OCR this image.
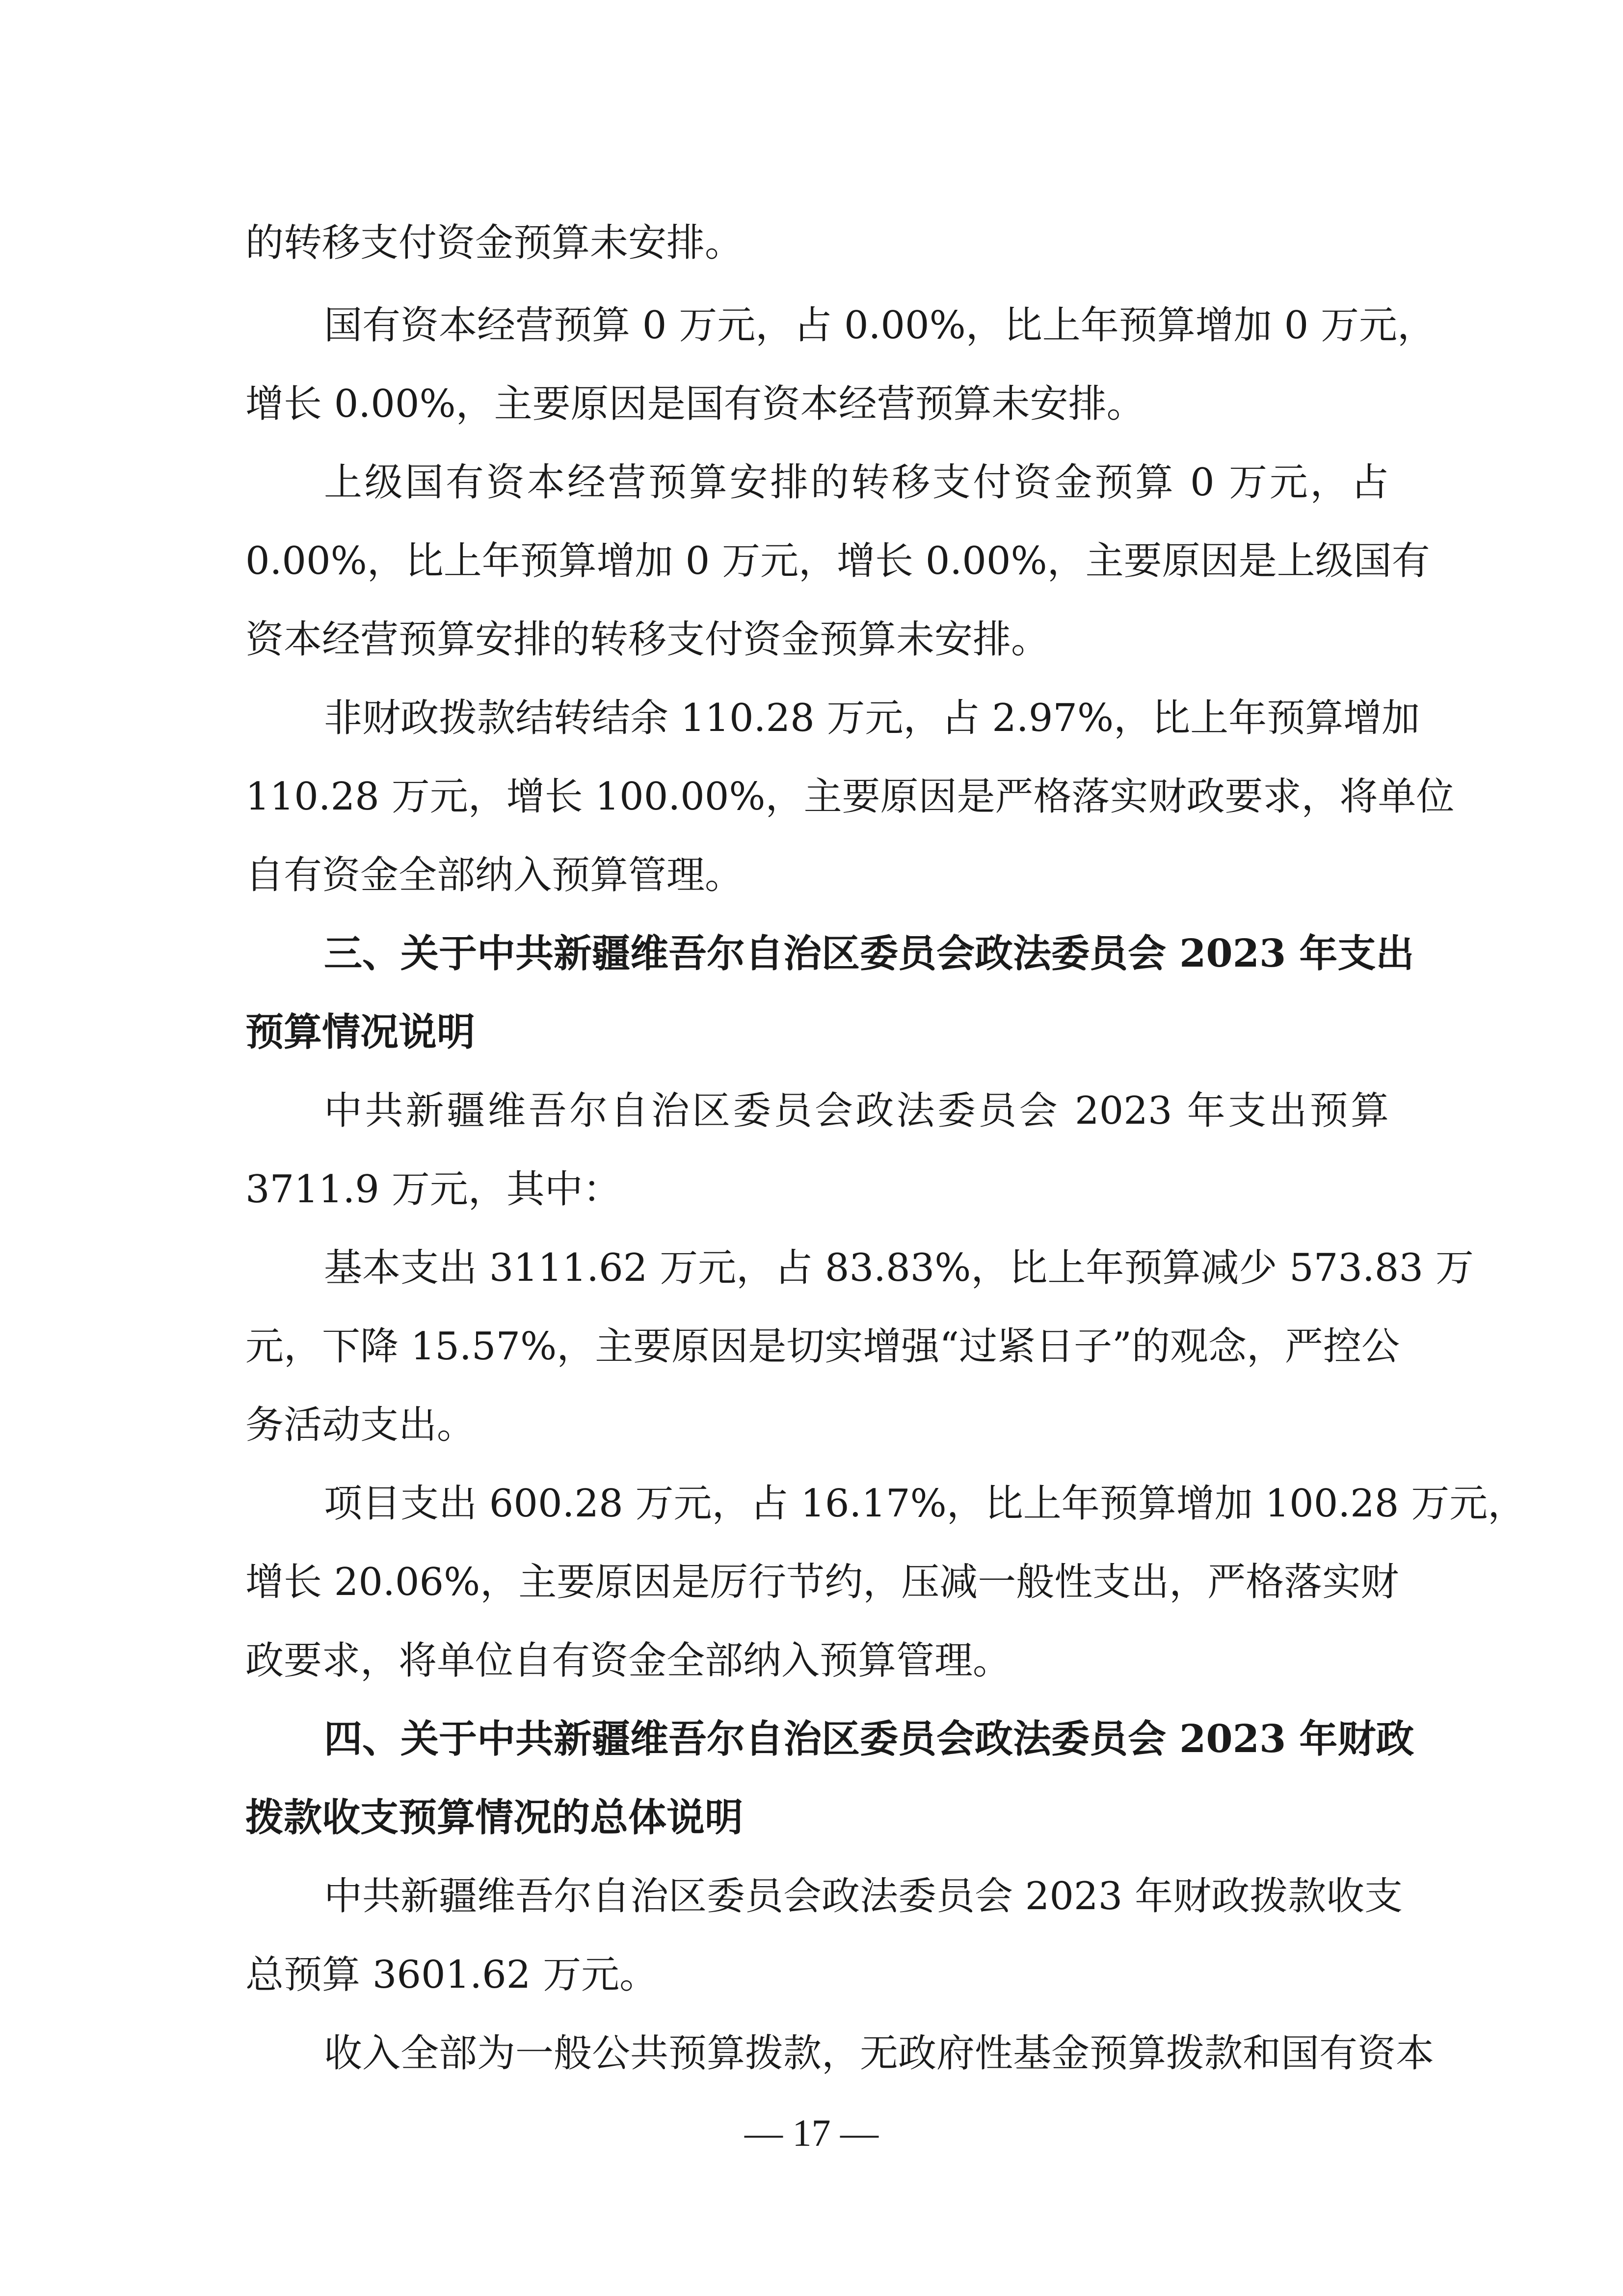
的转移支付资金预算未安排。
国有资本经营预算 0 万元，占 0.00%，比上年预算增加 0 万元，
增长 0.00%，主要原因是国有资本经营预算未安排。
上级国有资本经营预算安排的转移支付资金预算 0 万元，占
0.00%，比上年预算增加 0 万元，增长 0.00%，主要原因是上级国有
资本经营预算安排的转移支付资金预算未安排。
非财政拨款结转结余 110.28 万元，占 2.97%，比上年预算增加
110.28 万元，增长 100.00%，主要原因是严格落实财政要求，将单位
自有资金全部纳入预算管理。
三、关于中共新疆维吾尔自治区委员会政法委员会 2023 年支出
预算情况说明
中共新疆维吾尔自治区委员会政法委员会 2023 年支出预算
3711.9 万元，其中：
基本支出 3111.62 万元，占 83.83%，比上年预算减少 573.83 万
元，下降 15.57%，主要原因是切实增强“过紧日子”的观念，严控公
务活动支出。
项目支出 600.28 万元，占 16.17%，比上年预算增加 100.28 万元，
增长 20.06%，主要原因是厉行节约，压减一般性支出，严格落实财
政要求，将单位自有资金全部纳入预算管理。
四、关于中共新疆维吾尔自治区委员会政法委员会 2023 年财政
拨款收支预算情况的总体说明
中共新疆维吾尔自治区委员会政法委员会 2023 年财政拨款收支
总预算 3601.62 万元。
收入全部为一般公共预算拨款，无政府性基金预算拨款和国有资本
— 17 —
